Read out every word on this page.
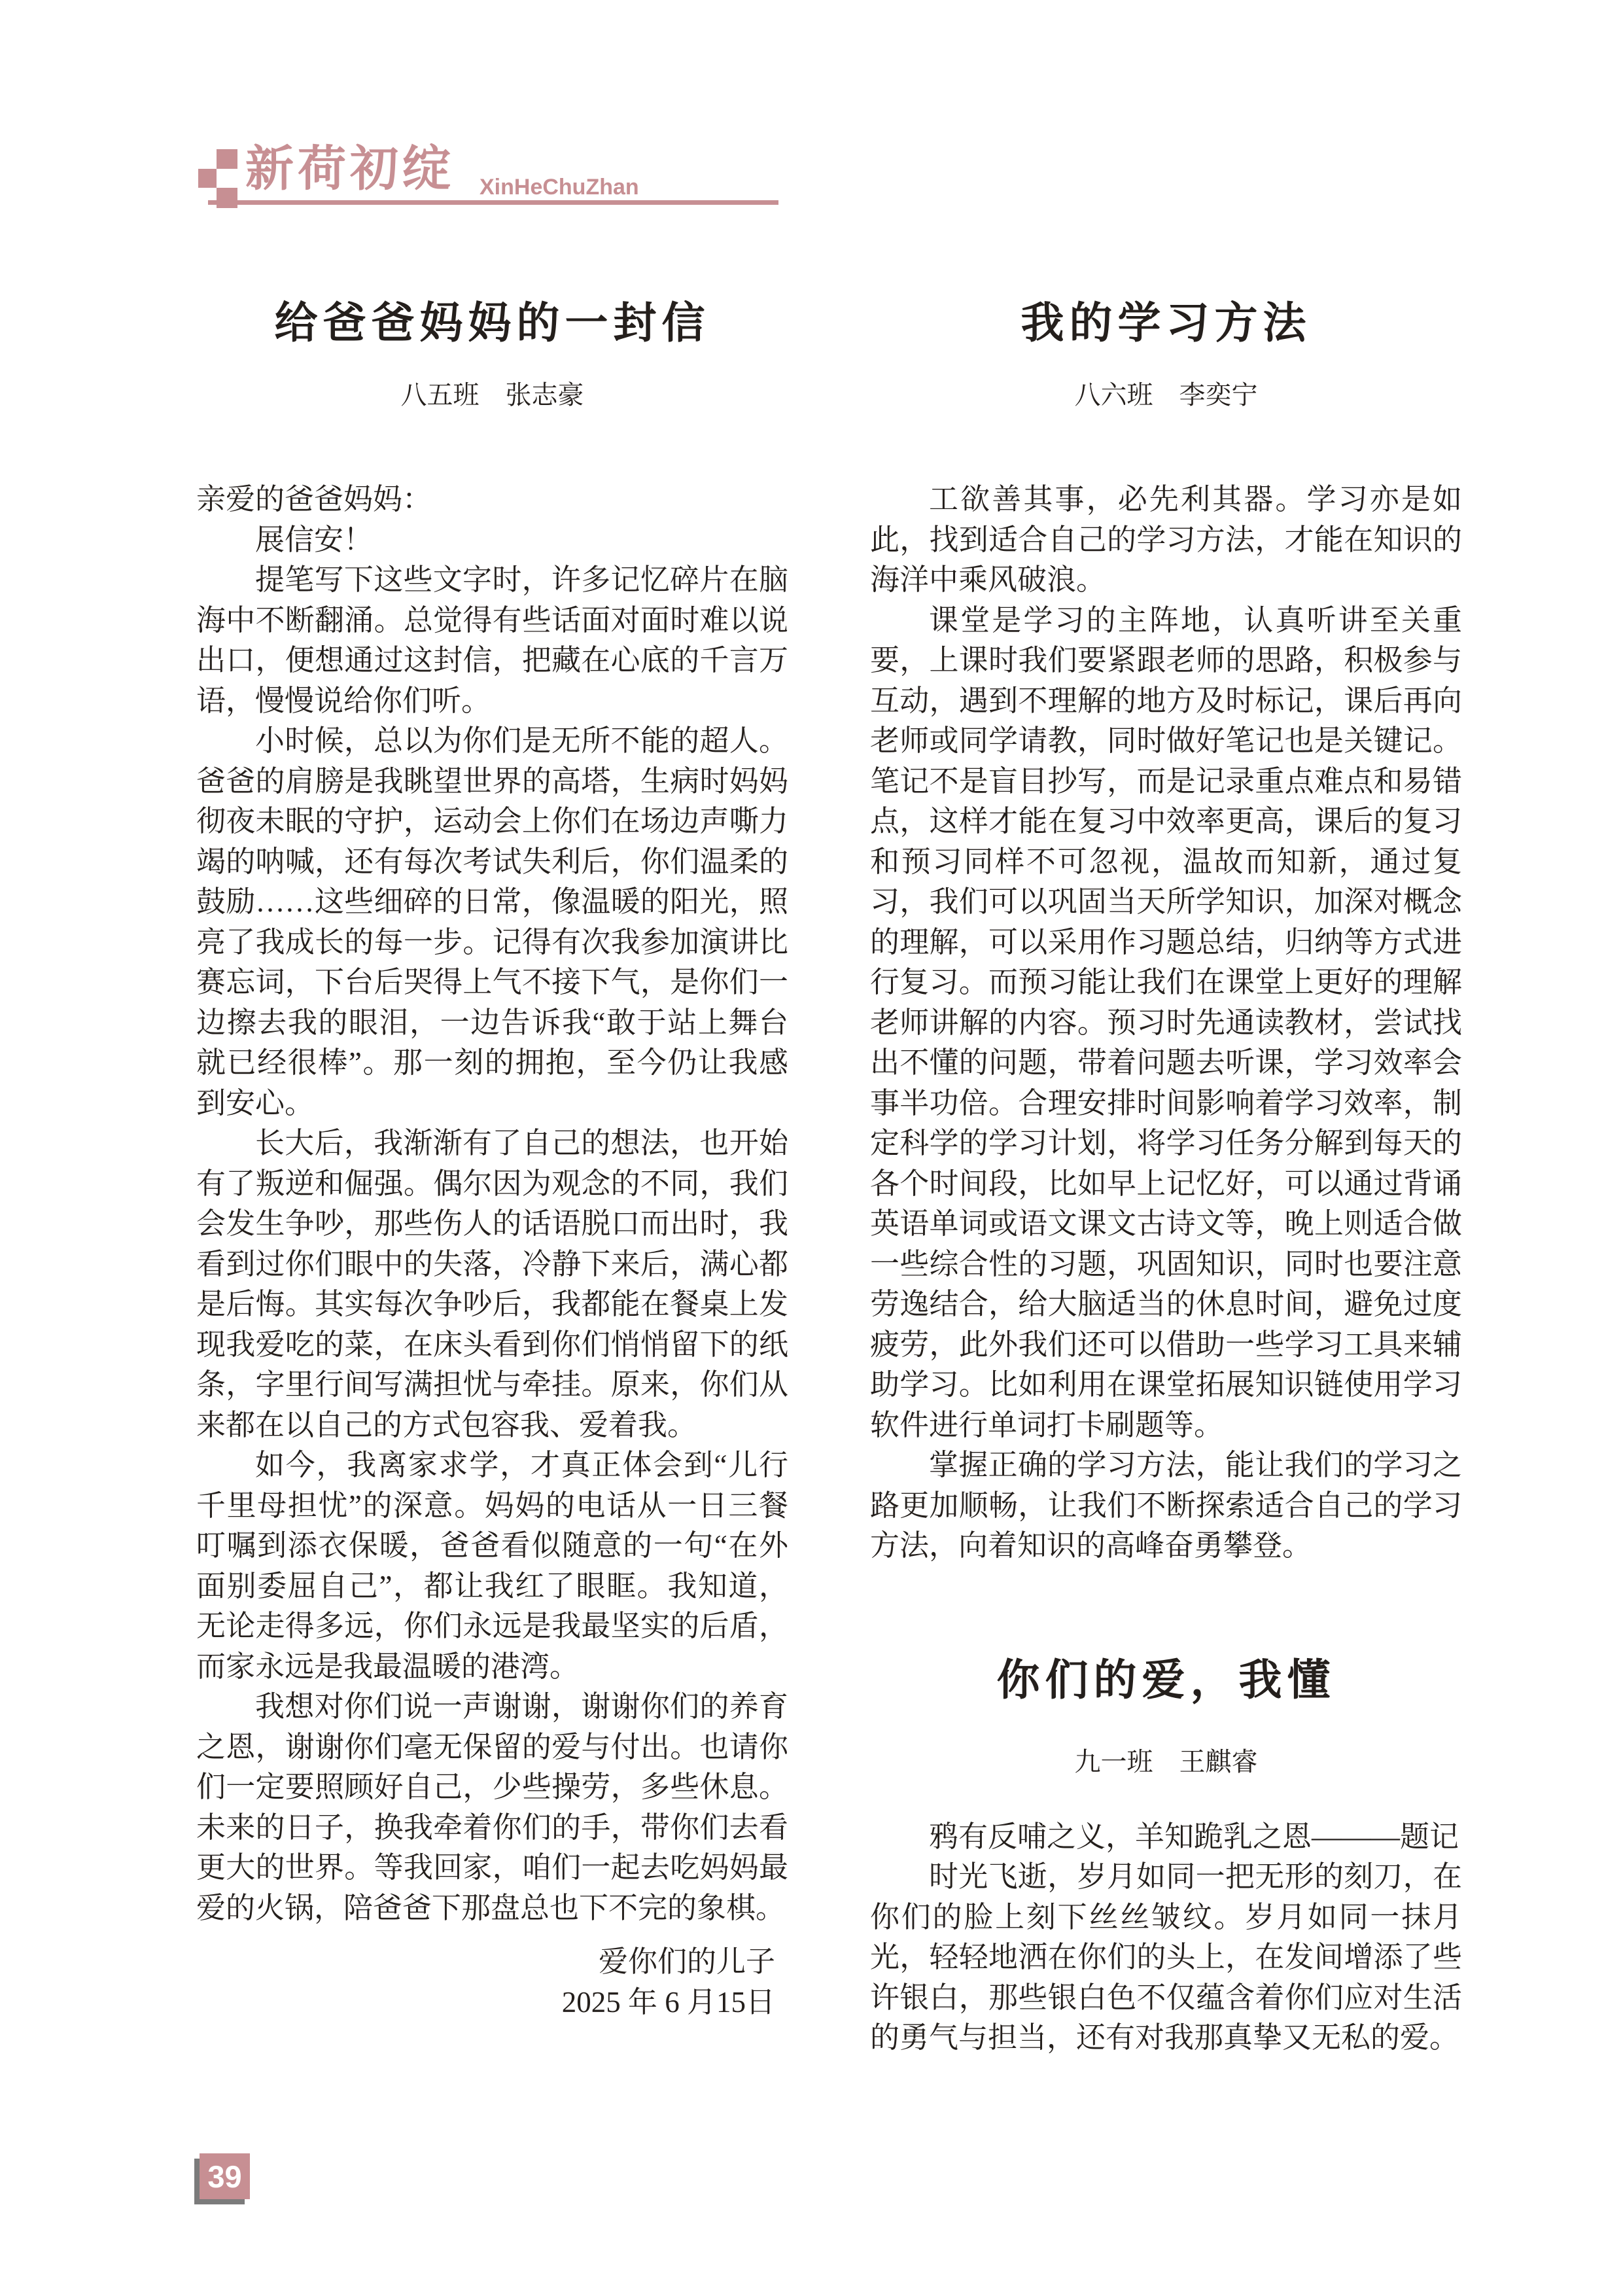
新荷初绽 XinHeChuZhan
给爸爸妈妈的一封信
八五班　张志豪

亲爱的爸爸妈妈：

展信安！

提笔写下这些文字时，许多记忆碎片在脑海中不断翻涌。总觉得有些话面对面时难以说出口，便想通过这封信，把藏在心底的千言万语，慢慢说给你们听。

小时候，总以为你们是无所不能的超人。爸爸的肩膀是我眺望世界的高塔，生病时妈妈彻夜未眠的守护，运动会上你们在场边声嘶力竭的呐喊，还有每次考试失利后，你们温柔的鼓励……这些细碎的日常，像温暖的阳光，照亮了我成长的每一步。记得有次我参加演讲比赛忘词，下台后哭得上气不接下气，是你们一边擦去我的眼泪，一边告诉我“敢于站上舞台就已经很棒”。那一刻的拥抱，至今仍让我感到安心。

长大后，我渐渐有了自己的想法，也开始有了叛逆和倔强。偶尔因为观念的不同，我们会发生争吵，那些伤人的话语脱口而出时，我看到过你们眼中的失落，冷静下来后，满心都是后悔。其实每次争吵后，我都能在餐桌上发现我爱吃的菜，在床头看到你们悄悄留下的纸条，字里行间写满担忧与牵挂。原来，你们从来都在以自己的方式包容我、爱着我。

如今，我离家求学，才真正体会到“儿行千里母担忧”的深意。妈妈的电话从一日三餐叮嘱到添衣保暖，爸爸看似随意的一句“在外面别委屈自己”，都让我红了眼眶。我知道，无论走得多远，你们永远是我最坚实的后盾，而家永远是我最温暖的港湾。

我想对你们说一声谢谢，谢谢你们的养育之恩，谢谢你们毫无保留的爱与付出。也请你们一定要照顾好自己，少些操劳，多些休息。未来的日子，换我牵着你们的手，带你们去看更大的世界。等我回家，咱们一起去吃妈妈最爱的火锅，陪爸爸下那盘总也下不完的象棋。

爱你们的儿子
2025 年 6 月15日
我的学习方法
八六班　李奕宁

工欲善其事，必先利其器。学习亦是如此，找到适合自己的学习方法，才能在知识的海洋中乘风破浪。

课堂是学习的主阵地，认真听讲至关重要，上课时我们要紧跟老师的思路，积极参与互动，遇到不理解的地方及时标记，课后再向老师或同学请教，同时做好笔记也是关键记。笔记不是盲目抄写，而是记录重点难点和易错点，这样才能在复习中效率更高，课后的复习和预习同样不可忽视，温故而知新，通过复习，我们可以巩固当天所学知识，加深对概念的理解，可以采用作习题总结，归纳等方式进行复习。而预习能让我们在课堂上更好的理解老师讲解的内容。预习时先通读教材，尝试找出不懂的问题，带着问题去听课，学习效率会事半功倍。合理安排时间影响着学习效率，制定科学的学习计划，将学习任务分解到每天的各个时间段，比如早上记忆好，可以通过背诵英语单词或语文课文古诗文等，晚上则适合做一些综合性的习题，巩固知识，同时也要注意劳逸结合，给大脑适当的休息时间，避免过度疲劳，此外我们还可以借助一些学习工具来辅助学习。比如利用在课堂拓展知识链使用学习软件进行单词打卡刷题等。

掌握正确的学习方法，能让我们的学习之路更加顺畅，让我们不断探索适合自己的学习方法，向着知识的高峰奋勇攀登。

你们的爱，我懂
九一班　王麒睿

鸦有反哺之义，羊知跪乳之恩———题记

时光飞逝，岁月如同一把无形的刻刀，在你们的脸上刻下丝丝皱纹。岁月如同一抹月光，轻轻地洒在你们的头上，在发间增添了些许银白，那些银白色不仅蕴含着你们应对生活的勇气与担当，还有对我那真挚又无私的爱。

39
